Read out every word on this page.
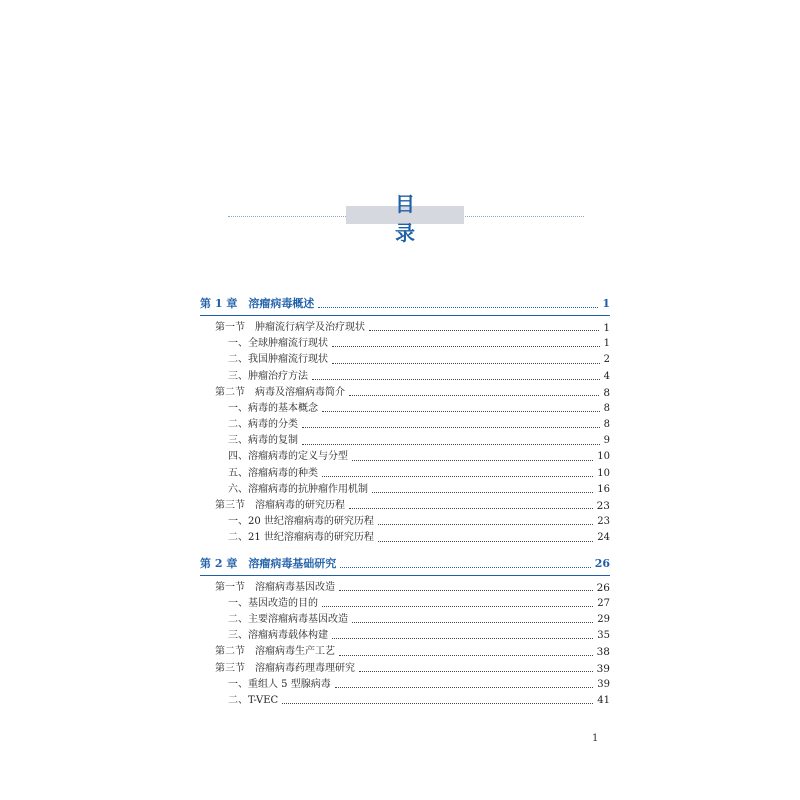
目 录
第 1 章　溶瘤病毒概述	1
第一节　肿瘤流行病学及治疗现状	1
一、全球肿瘤流行现状	1
二、我国肿瘤流行现状	2
三、肿瘤治疗方法	4
第二节　病毒及溶瘤病毒简介	8
一、病毒的基本概念	8
二、病毒的分类	8
三、病毒的复制	9
四、溶瘤病毒的定义与分型	10
五、溶瘤病毒的种类	10
六、溶瘤病毒的抗肿瘤作用机制	16
第三节　溶瘤病毒的研究历程	23
一、20 世纪溶瘤病毒的研究历程	23
二、21 世纪溶瘤病毒的研究历程	24
第 2 章　溶瘤病毒基础研究	26
第一节　溶瘤病毒基因改造	26
一、基因改造的目的	27
二、主要溶瘤病毒基因改造	29
三、溶瘤病毒载体构建	35
第二节　溶瘤病毒生产工艺	38
第三节　溶瘤病毒药理毒理研究	39
一、重组人 5 型腺病毒	39
二、T-VEC	41
1
